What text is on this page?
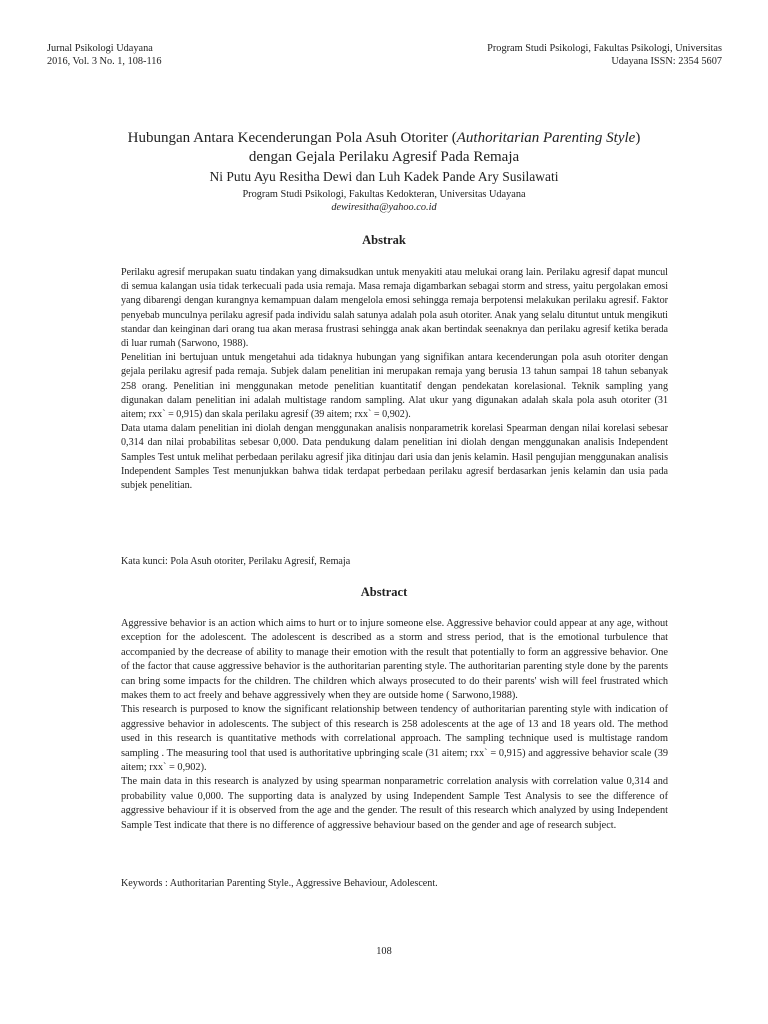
Jurnal Psikologi Udayana
2016, Vol. 3 No. 1, 108-116
Program Studi Psikologi, Fakultas Psikologi, Universitas
Udayana ISSN: 2354 5607
Hubungan Antara Kecenderungan Pola Asuh Otoriter (Authoritarian Parenting Style)
dengan Gejala Perilaku Agresif Pada Remaja
Ni Putu Ayu Resitha Dewi dan Luh Kadek Pande Ary Susilawati
Program Studi Psikologi, Fakultas Kedokteran, Universitas Udayana
dewiresitha@yahoo.co.id
Abstrak

Perilaku agresif merupakan suatu tindakan yang dimaksudkan untuk menyakiti atau melukai orang lain. Perilaku agresif dapat muncul di semua kalangan usia tidak terkecuali pada usia remaja. Masa remaja digambarkan sebagai storm and stress, yaitu pergolakan emosi yang dibarengi dengan kurangnya kemampuan dalam mengelola emosi sehingga remaja berpotensi melakukan perilaku agresif. Faktor penyebab munculnya perilaku agresif pada individu salah satunya adalah pola asuh otoriter. Anak yang selalu dituntut untuk mengikuti standar dan keinginan dari orang tua akan merasa frustrasi sehingga anak akan bertindak seenaknya dan perilaku agresif ketika berada di luar rumah (Sarwono, 1988).

Penelitian ini bertujuan untuk mengetahui ada tidaknya hubungan yang signifikan antara kecenderungan pola asuh otoriter dengan gejala perilaku agresif pada remaja. Subjek dalam penelitian ini merupakan remaja yang berusia 13 tahun sampai 18 tahun sebanyak 258 orang. Penelitian ini menggunakan metode penelitian kuantitatif dengan pendekatan korelasional. Teknik sampling yang digunakan dalam penelitian ini adalah multistage random sampling. Alat ukur yang digunakan adalah skala pola asuh otoriter (31 aitem; rxx` = 0,915) dan skala perilaku agresif (39 aitem; rxx` = 0,902).

Data utama dalam penelitian ini diolah dengan menggunakan analisis nonparametrik korelasi Spearman dengan nilai korelasi sebesar 0,314 dan nilai probabilitas sebesar 0,000. Data pendukung dalam penelitian ini diolah dengan menggunakan analisis Independent Samples Test untuk melihat perbedaan perilaku agresif jika ditinjau dari usia dan jenis kelamin. Hasil pengujian menggunakan analisis Independent Samples Test menunjukkan bahwa tidak terdapat perbedaan perilaku agresif berdasarkan jenis kelamin dan usia pada subjek penelitian.

Kata kunci: Pola Asuh otoriter, Perilaku Agresif, Remaja
Abstract

Aggressive behavior is an action which aims to hurt or to injure someone else. Aggressive behavior could appear at any age, without exception for the adolescent. The adolescent is described as a storm and stress period, that is the emotional turbulence that accompanied by the decrease of ability to manage their emotion with the result that potentially to form an aggressive behavior. One of the factor that cause aggressive behavior is the authoritarian parenting style. The authoritarian parenting style done by the parents can bring some impacts for the children. The children which always prosecuted to do their parents' wish will feel frustrated which makes them to act freely and behave aggressively when they are outside home ( Sarwono,1988).

This research is purposed to know the significant relationship between tendency of authoritarian parenting style with indication of aggressive behavior in adolescents. The subject of this research is 258 adolescents at the age of 13 and 18 years old. The method used in this research is quantitative methods with correlational approach. The sampling technique used is multistage random sampling . The measuring tool that used is authoritative upbringing scale (31 aitem; rxx` = 0,915) and aggressive behavior scale (39 aitem; rxx` = 0,902).

The main data in this research is analyzed by using spearman nonparametric correlation analysis with correlation value 0,314 and probability value 0,000. The supporting data is analyzed by using Independent Sample Test Analysis to see the difference of aggressive behaviour if it is observed from the age and the gender. The result of this research which analyzed by using Independent Sample Test indicate that there is no difference of aggressive behaviour based on the gender and age of research subject.

Keywords : Authoritarian Parenting Style., Aggressive Behaviour, Adolescent.
108
